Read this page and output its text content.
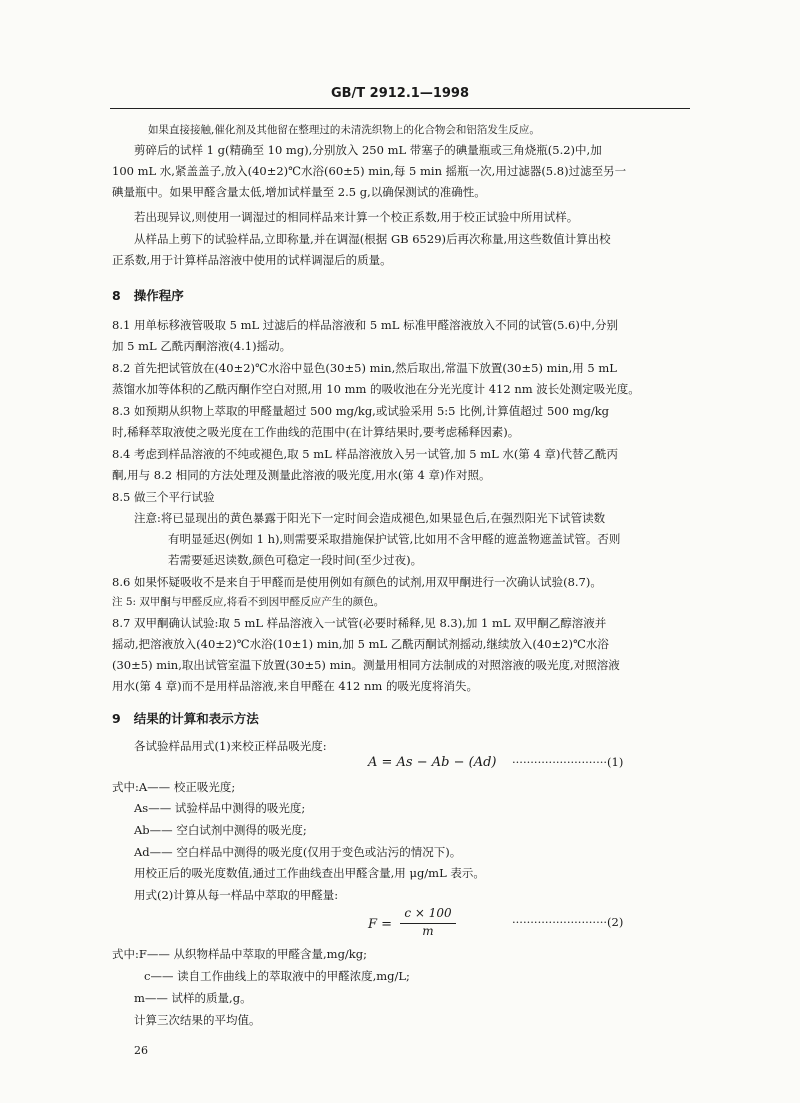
GB/T 2912.1—1998
如果直接接触,催化剂及其他留在整理过的未清洗织物上的化合物会和铝箔发生反应。
剪碎后的试样 1 g(精确至 10 mg),分别放入 250 mL 带塞子的碘量瓶或三角烧瓶(5.2)中,加
100 mL 水,紧盖盖子,放入(40±2)℃水浴(60±5) min,每 5 min 摇瓶一次,用过滤器(5.8)过滤至另一
碘量瓶中。如果甲醛含量太低,增加试样量至 2.5 g,以确保测试的准确性。
若出现异议,则使用一调湿过的相同样品来计算一个校正系数,用于校正试验中所用试样。
从样品上剪下的试验样品,立即称量,并在调湿(根据 GB 6529)后再次称量,用这些数值计算出校
正系数,用于计算样品溶液中使用的试样调湿后的质量。
8 操作程序
8.1 用单标移液管吸取 5 mL 过滤后的样品溶液和 5 mL 标准甲醛溶液放入不同的试管(5.6)中,分别
加 5 mL 乙酰丙酮溶液(4.1)摇动。
8.2 首先把试管放在(40±2)℃水浴中显色(30±5) min,然后取出,常温下放置(30±5) min,用 5 mL
蒸馏水加等体积的乙酰丙酮作空白对照,用 10 mm 的吸收池在分光光度计 412 nm 波长处测定吸光度。
8.3 如预期从织物上萃取的甲醛量超过 500 mg/kg,或试验采用 5:5 比例,计算值超过 500 mg/kg
时,稀释萃取液使之吸光度在工作曲线的范围中(在计算结果时,要考虑稀释因素)。
8.4 考虑到样品溶液的不纯或褪色,取 5 mL 样品溶液放入另一试管,加 5 mL 水(第 4 章)代替乙酰丙
酮,用与 8.2 相同的方法处理及测量此溶液的吸光度,用水(第 4 章)作对照。
8.5 做三个平行试验
注意:将已显现出的黄色暴露于阳光下一定时间会造成褪色,如果显色后,在强烈阳光下试管读数
有明显延迟(例如 1 h),则需要采取措施保护试管,比如用不含甲醛的遮盖物遮盖试管。否则
若需要延迟读数,颜色可稳定一段时间(至少过夜)。
8.6 如果怀疑吸收不是来自于甲醛而是使用例如有颜色的试剂,用双甲酮进行一次确认试验(8.7)。
注 5: 双甲酮与甲醛反应,将看不到因甲醛反应产生的颜色。
8.7 双甲酮确认试验:取 5 mL 样品溶液入一试管(必要时稀释,见 8.3),加 1 mL 双甲酮乙醇溶液并
摇动,把溶液放入(40±2)℃水浴(10±1) min,加 5 mL 乙酰丙酮试剂摇动,继续放入(40±2)℃水浴
(30±5) min,取出试管室温下放置(30±5) min。测量用相同方法制成的对照溶液的吸光度,对照溶液
用水(第 4 章)而不是用样品溶液,来自甲醛在 412 nm 的吸光度将消失。
9 结果的计算和表示方法
各试验样品用式(1)来校正样品吸光度:
A = As − Ab − (Ad) ··························(1)
式中:A—— 校正吸光度;
As—— 试验样品中测得的吸光度;
Ab—— 空白试剂中测得的吸光度;
Ad—— 空白样品中测得的吸光度(仅用于变色或沾污的情况下)。
用校正后的吸光度数值,通过工作曲线查出甲醛含量,用 μg/mL 表示。
用式(2)计算从每一样品中萃取的甲醛量:
F =
c × 100
m
··························(2)
式中:F—— 从织物样品中萃取的甲醛含量,mg/kg;
c—— 读自工作曲线上的萃取液中的甲醛浓度,mg/L;
m—— 试样的质量,g。
计算三次结果的平均值。
26
